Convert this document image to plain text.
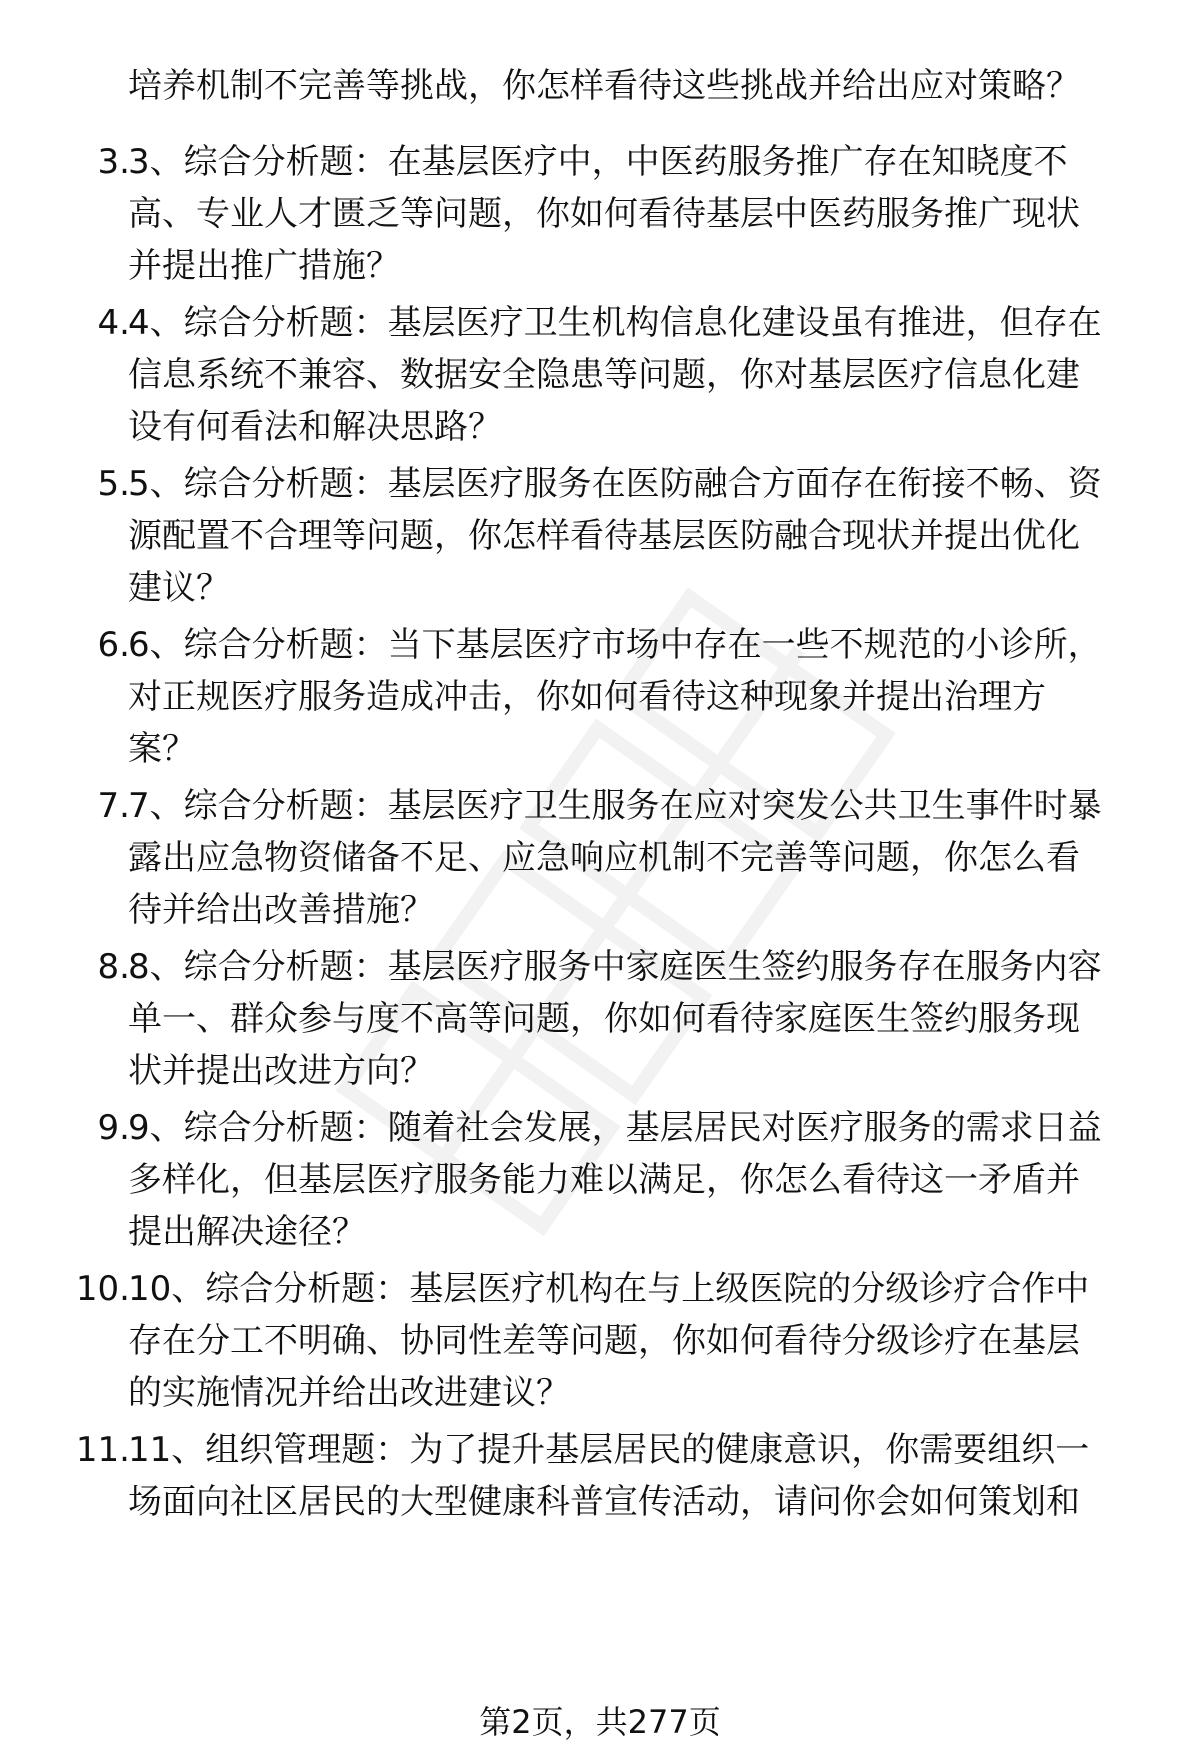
培养机制不完善等挑战，你怎样看待这些挑战并给出应对策略？
3.
3、综合分析题：在基层医疗中，中医药服务推广存在知晓度不
高、专业人才匮乏等问题，你如何看待基层中医药服务推广现状
并提出推广措施？
4.
4、综合分析题：基层医疗卫生机构信息化建设虽有推进，但存在
信息系统不兼容、数据安全隐患等问题，你对基层医疗信息化建
设有何看法和解决思路？
5.
5、综合分析题：基层医疗服务在医防融合方面存在衔接不畅、资
源配置不合理等问题，你怎样看待基层医防融合现状并提出优化
建议？
6.
6、综合分析题：当下基层医疗市场中存在一些不规范的小诊所，
对正规医疗服务造成冲击，你如何看待这种现象并提出治理方
案？
7.
7、综合分析题：基层医疗卫生服务在应对突发公共卫生事件时暴
露出应急物资储备不足、应急响应机制不完善等问题，你怎么看
待并给出改善措施？
8.
8、综合分析题：基层医疗服务中家庭医生签约服务存在服务内容
单一、群众参与度不高等问题，你如何看待家庭医生签约服务现
状并提出改进方向？
9.
9、综合分析题：随着社会发展，基层居民对医疗服务的需求日益
多样化，但基层医疗服务能力难以满足，你怎么看待这一矛盾并
提出解决途径？
10.
10、综合分析题：基层医疗机构在与上级医院的分级诊疗合作中
存在分工不明确、协同性差等问题，你如何看待分级诊疗在基层
的实施情况并给出改进建议？
11.
11、组织管理题：为了提升基层居民的健康意识，你需要组织一
场面向社区居民的大型健康科普宣传活动，请问你会如何策划和
第2页，共277页
